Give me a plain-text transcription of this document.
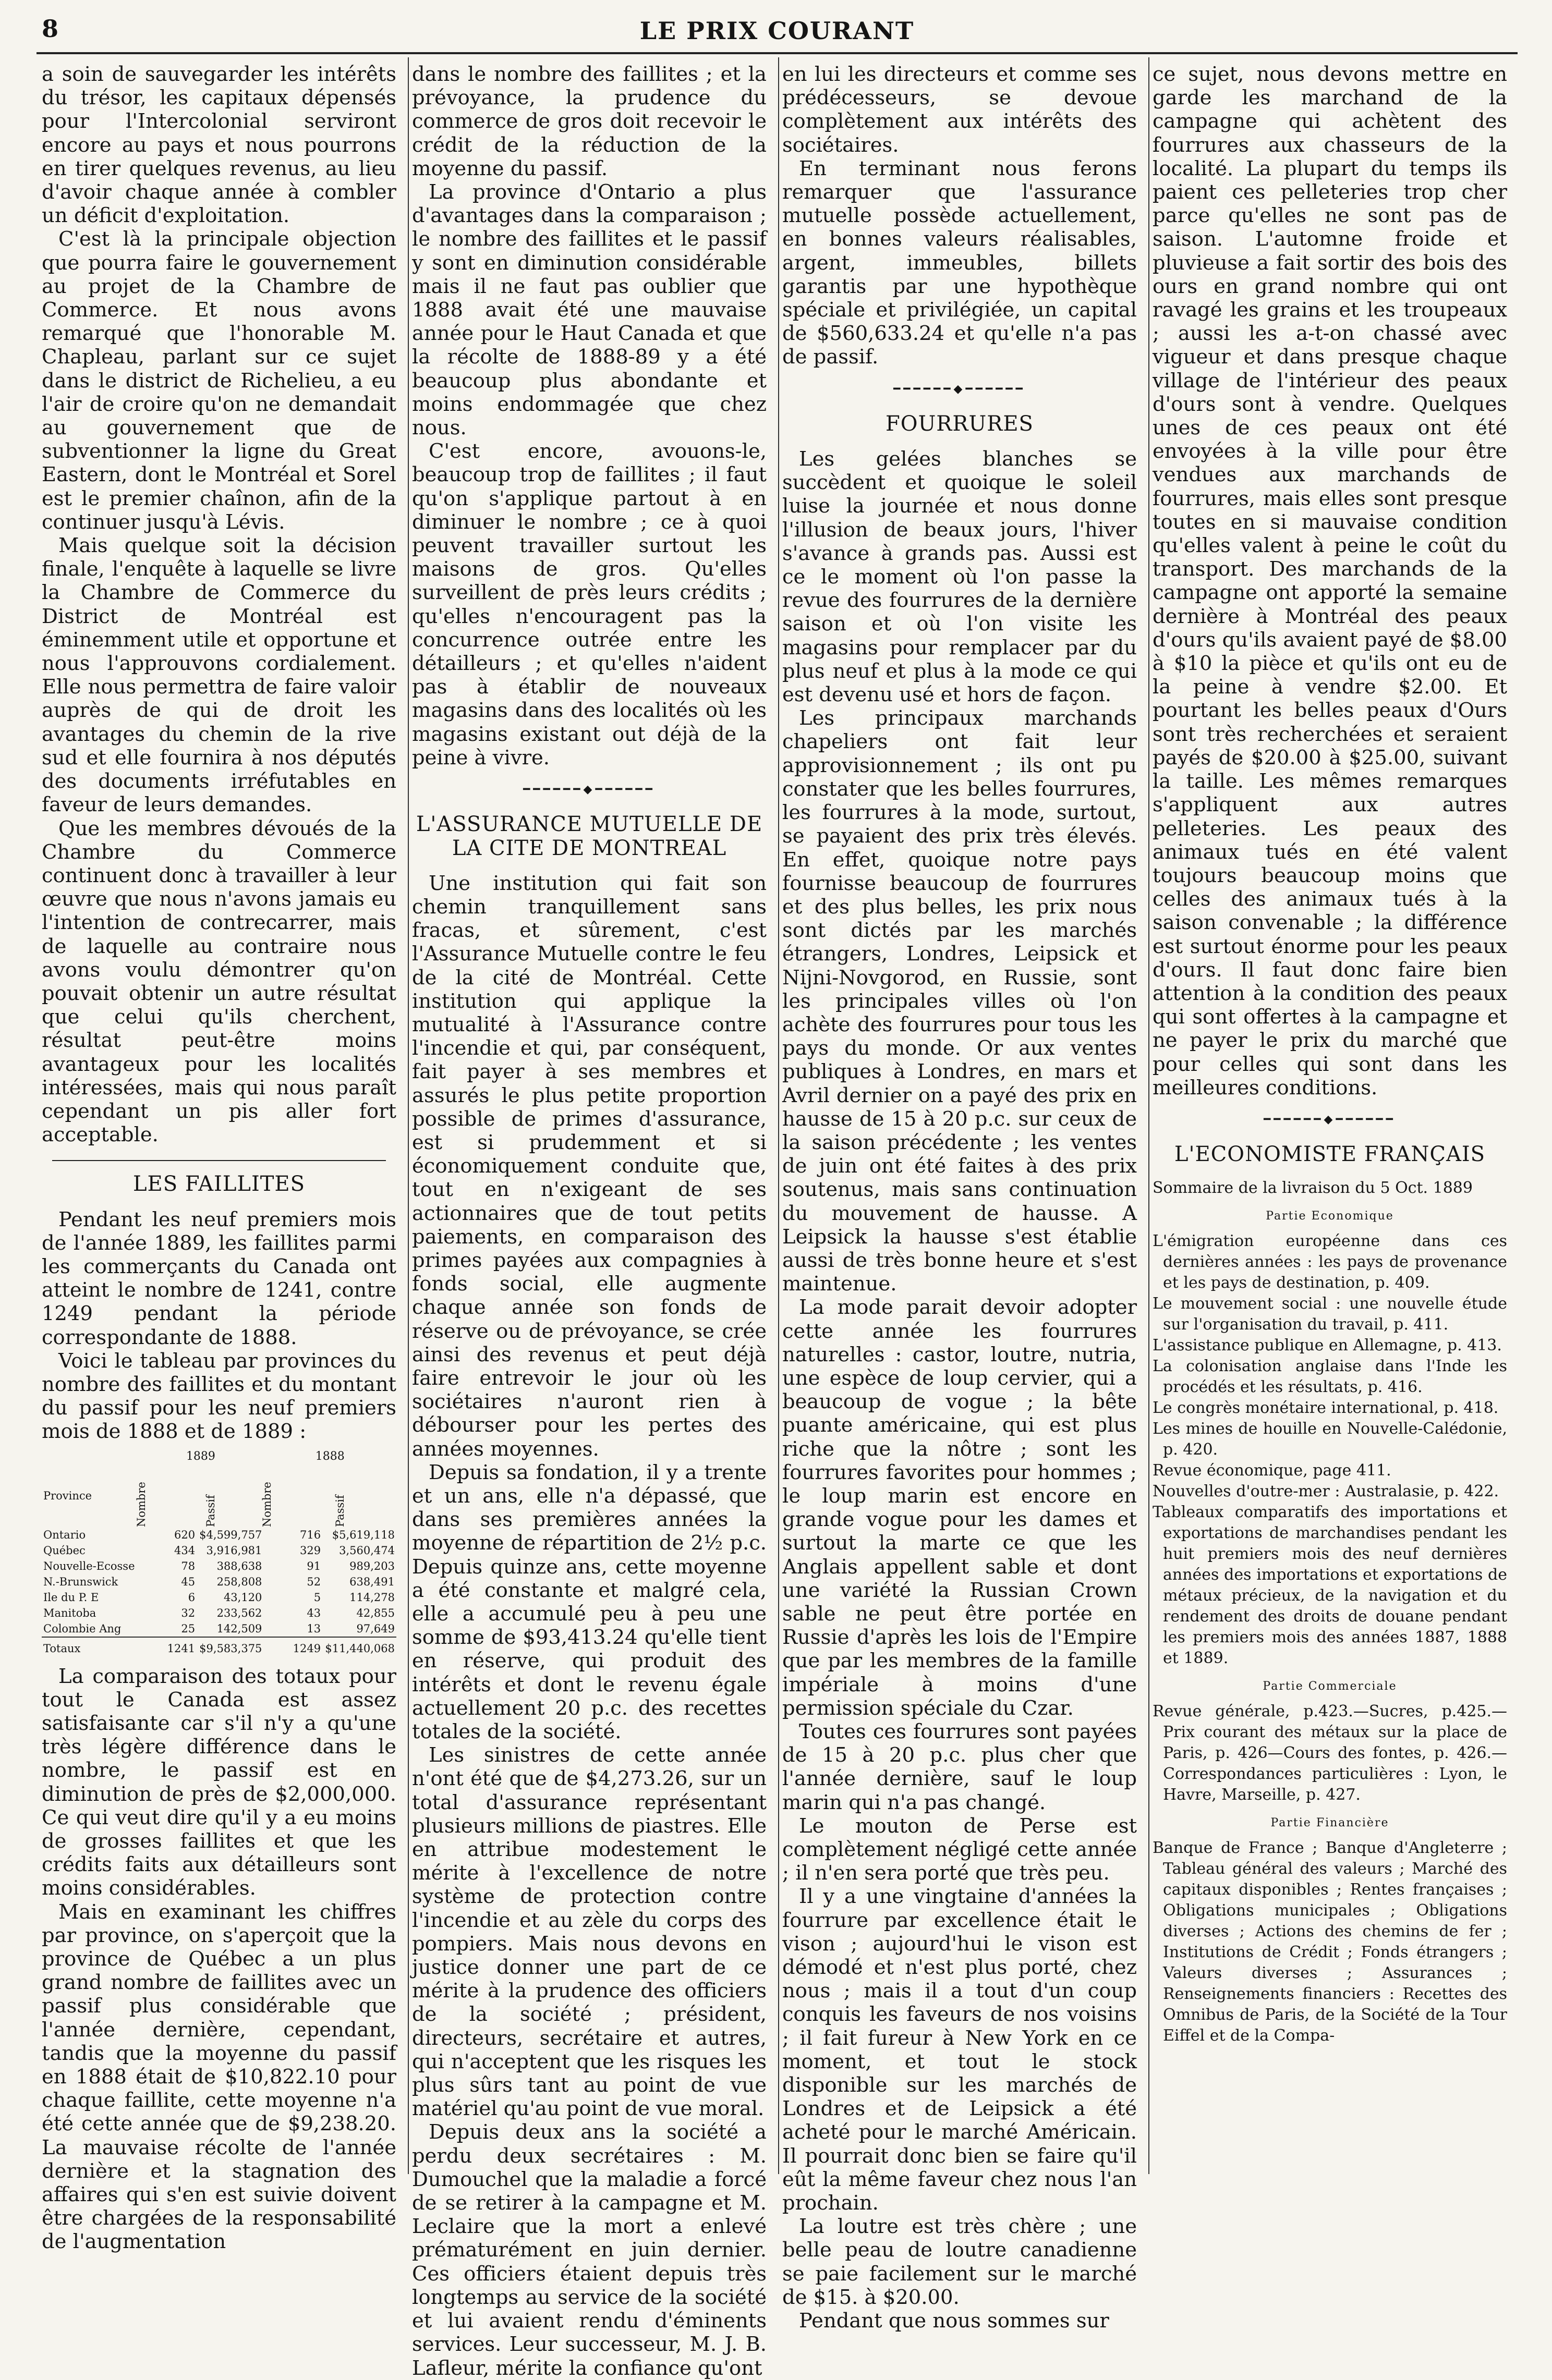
8	LE PRIX COURANT

a soin de sauvegarder les intérêts du trésor, les capitaux dépensés pour l'Intercolonial serviront encore au pays et nous pourrons en tirer quelques revenus, au lieu d'avoir chaque année à combler un déficit d'exploitation.

C'est là la principale objection que pourra faire le gouvernement au projet de la Chambre de Commerce. Et nous avons remarqué que l'honorable M. Chapleau, parlant sur ce sujet dans le district de Richelieu, a eu l'air de croire qu'on ne demandait au gouvernement que de subventionner la ligne du Great Eastern, dont le Montréal et Sorel est le premier chaînon, afin de la continuer jusqu'à Lévis.

Mais quelque soit la décision finale, l'enquête à laquelle se livre la Chambre de Commerce du District de Montréal est éminemment utile et opportune et nous l'approuvons cordialement. Elle nous permettra de faire valoir auprès de qui de droit les avantages du chemin de la rive sud et elle fournira à nos députés des documents irréfutables en faveur de leurs demandes.

Que les membres dévoués de la Chambre du Commerce continuent donc à travailler à leur œuvre que nous n'avons jamais eu l'intention de contrecarrer, mais de laquelle au contraire nous avons voulu démontrer qu'on pouvait obtenir un autre résultat que celui qu'ils cherchent, résultat peut-être moins avantageux pour les localités intéressées, mais qui nous paraît cependant un pis aller fort acceptable.

LES FAILLITES

Pendant les neuf premiers mois de l'année 1889, les faillites parmi les commerçants du Canada ont atteint le nombre de 1241, contre 1249 pendant la période correspondante de 1888.

Voici le tableau par provinces du nombre des faillites et du montant du passif pour les neuf premiers mois de 1888 et de 1889 :

	1889		1888	
Province	Nombre	Passif	Nombre	Passif
Ontario	620	$4,599,757	716	$5,619,118
Québec	434	3,916,981	329	3,560,474
Nouvelle-Ecosse	78	388,638	91	989,203
N.-Brunswick	45	258,808	52	638,491
Ile du P. E	6	43,120	5	114,278
Manitoba	32	233,562	43	42,855
Colombie Ang	25	142,509	13	97,649
Totaux	1241	$9,583,375	1249	$11,440,068

La comparaison des totaux pour tout le Canada est assez satisfaisante car s'il n'y a qu'une très légère différence dans le nombre, le passif est en diminution de près de $2,000,000. Ce qui veut dire qu'il y a eu moins de grosses faillites et que les crédits faits aux détailleurs sont moins considérables.

Mais en examinant les chiffres par province, on s'aperçoit que la province de Québec a un plus grand nombre de faillites avec un passif plus considérable que l'année dernière, cependant, tandis que la moyenne du passif en 1888 était de $10,822.10 pour chaque faillite, cette moyenne n'a été cette année que de $9,238.20. La mauvaise récolte de l'année dernière et la stagnation des affaires qui s'en est suivie doivent être chargées de la responsabilité de l'augmentation

dans le nombre des faillites ; et la prévoyance, la prudence du commerce de gros doit recevoir le crédit de la réduction de la moyenne du passif.

La province d'Ontario a plus d'avantages dans la comparaison ; le nombre des faillites et le passif y sont en diminution considérable mais il ne faut pas oublier que 1888 avait été une mauvaise année pour le Haut Canada et que la récolte de 1888-89 y a été beaucoup plus abondante et moins endommagée que chez nous.

C'est encore, avouons-le, beaucoup trop de faillites ; il faut qu'on s'applique partout à en diminuer le nombre ; ce à quoi peuvent travailler surtout les maisons de gros. Qu'elles surveillent de près leurs crédits ; qu'elles n'encouragent pas la concurrence outrée entre les détailleurs ; et qu'elles n'aident pas à établir de nouveaux magasins dans des localités où les magasins existant out déjà de la peine à vivre.

━━━━━━◆━━━━━━
L'ASSURANCE MUTUELLE DE LA CITE DE MONTREAL

Une institution qui fait son chemin tranquillement sans fracas, et sûrement, c'est l'Assurance Mutuelle contre le feu de la cité de Montréal. Cette institution qui applique la mutualité à l'Assurance contre l'incendie et qui, par conséquent, fait payer à ses membres et assurés le plus petite proportion possible de primes d'assurance, est si prudemment et si économiquement conduite que, tout en n'exigeant de ses actionnaires que de tout petits paiements, en comparaison des primes payées aux compagnies à fonds social, elle augmente chaque année son fonds de réserve ou de prévoyance, se crée ainsi des revenus et peut déjà faire entrevoir le jour où les sociétaires n'auront rien à débourser pour les pertes des années moyennes.

Depuis sa fondation, il y a trente et un ans, elle n'a dépassé, que dans ses premières années la moyenne de répartition de 2½ p.c. Depuis quinze ans, cette moyenne a été constante et malgré cela, elle a accumulé peu à peu une somme de $93,413.24 qu'elle tient en réserve, qui produit des intérêts et dont le revenu égale actuellement 20 p.c. des recettes totales de la société.

Les sinistres de cette année n'ont été que de $4,273.26, sur un total d'assurance représentant plusieurs millions de piastres. Elle en attribue modestement le mérite à l'excellence de notre système de protection contre l'incendie et au zèle du corps des pompiers. Mais nous devons en justice donner une part de ce mérite à la prudence des officiers de la société ; président, directeurs, secrétaire et autres, qui n'acceptent que les risques les plus sûrs tant au point de vue matériel qu'au point de vue moral.

Depuis deux ans la société a perdu deux secrétaires : M. Dumouchel que la maladie a forcé de se retirer à la campagne et M. Leclaire que la mort a enlevé prématurément en juin dernier. Ces officiers étaient depuis très longtemps au service de la société et lui avaient rendu d'éminents services. Leur successeur, M. J. B. Lafleur, mérite la confiance qu'ont

en lui les directeurs et comme ses prédécesseurs, se devoue complètement aux intérêts des sociétaires.

En terminant nous ferons remarquer que l'assurance mutuelle possède actuellement, en bonnes valeurs réalisables, argent, immeubles, billets garantis par une hypothèque spéciale et privilégiée, un capital de $560,633.24 et qu'elle n'a pas de passif.

━━━━━━◆━━━━━━
FOURRURES

Les gelées blanches se succèdent et quoique le soleil luise la journée et nous donne l'illusion de beaux jours, l'hiver s'avance à grands pas. Aussi est ce le moment où l'on passe la revue des fourrures de la dernière saison et où l'on visite les magasins pour remplacer par du plus neuf et plus à la mode ce qui est devenu usé et hors de façon.

Les principaux marchands chapeliers ont fait leur approvisionnement ; ils ont pu constater que les belles fourrures, les fourrures à la mode, surtout, se payaient des prix très élevés. En effet, quoique notre pays fournisse beaucoup de fourrures et des plus belles, les prix nous sont dictés par les marchés étrangers, Londres, Leipsick et Nijni-Novgorod, en Russie, sont les principales villes où l'on achète des fourrures pour tous les pays du monde. Or aux ventes publiques à Londres, en mars et Avril dernier on a payé des prix en hausse de 15 à 20 p.c. sur ceux de la saison précédente ; les ventes de juin ont été faites à des prix soutenus, mais sans continuation du mouvement de hausse. A Leipsick la hausse s'est établie aussi de très bonne heure et s'est maintenue.

La mode parait devoir adopter cette année les fourrures naturelles : castor, loutre, nutria, une espèce de loup cervier, qui a beaucoup de vogue ; la bête puante américaine, qui est plus riche que la nôtre ; sont les fourrures favorites pour hommes ; le loup marin est encore en grande vogue pour les dames et surtout la marte ce que les Anglais appellent sable et dont une variété la Russian Crown sable ne peut être portée en Russie d'après les lois de l'Empire que par les membres de la famille impériale à moins d'une permission spéciale du Czar.

Toutes ces fourrures sont payées de 15 à 20 p.c. plus cher que l'année dernière, sauf le loup marin qui n'a pas changé.

Le mouton de Perse est complètement négligé cette année ; il n'en sera porté que très peu.

Il y a une vingtaine d'années la fourrure par excellence était le vison ; aujourd'hui le vison est démodé et n'est plus porté, chez nous ; mais il a tout d'un coup conquis les faveurs de nos voisins ; il fait fureur à New York en ce moment, et tout le stock disponible sur les marchés de Londres et de Leipsick a été acheté pour le marché Américain. Il pourrait donc bien se faire qu'il eût la même faveur chez nous l'an prochain.

La loutre est très chère ; une belle peau de loutre canadienne se paie facilement sur le marché de $15. à $20.00.

Pendant que nous sommes sur

ce sujet, nous devons mettre en garde les marchand de la campagne qui achètent des fourrures aux chasseurs de la localité. La plupart du temps ils paient ces pelleteries trop cher parce qu'elles ne sont pas de saison. L'automne froide et pluvieuse a fait sortir des bois des ours en grand nombre qui ont ravagé les grains et les troupeaux ; aussi les a-t-on chassé avec vigueur et dans presque chaque village de l'intérieur des peaux d'ours sont à vendre. Quelques unes de ces peaux ont été envoyées à la ville pour être vendues aux marchands de fourrures, mais elles sont presque toutes en si mauvaise condition qu'elles valent à peine le coût du transport. Des marchands de la campagne ont apporté la semaine dernière à Montréal des peaux d'ours qu'ils avaient payé de $8.00 à $10 la pièce et qu'ils ont eu de la peine à vendre $2.00. Et pourtant les belles peaux d'Ours sont très recherchées et seraient payés de $20.00 à $25.00, suivant la taille. Les mêmes remarques s'appliquent aux autres pelleteries. Les peaux des animaux tués en été valent toujours beaucoup moins que celles des animaux tués à la saison convenable ; la différence est surtout énorme pour les peaux d'ours. Il faut donc faire bien attention à la condition des peaux qui sont offertes à la campagne et ne payer le prix du marché que pour celles qui sont dans les meilleures conditions.

━━━━━━◆━━━━━━
L'ECONOMISTE FRANÇAIS

Sommaire de la livraison du 5 Oct. 1889

Partie Economique

L'émigration européenne dans ces dernières années : les pays de provenance et les pays de destination, p. 409.

Le mouvement social : une nouvelle étude sur l'organisation du travail, p. 411.

L'assistance publique en Allemagne, p. 413.

La colonisation anglaise dans l'Inde les procédés et les résultats, p. 416.

Le congrès monétaire international, p. 418.

Les mines de houille en Nouvelle-Calédonie, p. 420.

Revue économique, page 411.

Nouvelles d'outre-mer : Australasie, p. 422.

Tableaux comparatifs des importations et exportations de marchandises pendant les huit premiers mois des neuf dernières années des importations et exportations de métaux précieux, de la navigation et du rendement des droits de douane pendant les premiers mois des années 1887, 1888 et 1889.

Partie Commerciale

Revue générale, p.423.—Sucres, p.425.—Prix courant des métaux sur la place de Paris, p. 426—Cours des fontes, p. 426.—Correspondances particulières : Lyon, le Havre, Marseille, p. 427.

Partie Financière

Banque de France ; Banque d'Angleterre ; Tableau général des valeurs ; Marché des capitaux disponibles ; Rentes françaises ; Obligations municipales ; Obligations diverses ; Actions des chemins de fer ; Institutions de Crédit ; Fonds étrangers ; Valeurs diverses ; Assurances ; Renseignements financiers : Recettes des Omnibus de Paris, de la Société de la Tour Eiffel et de la Compa-
